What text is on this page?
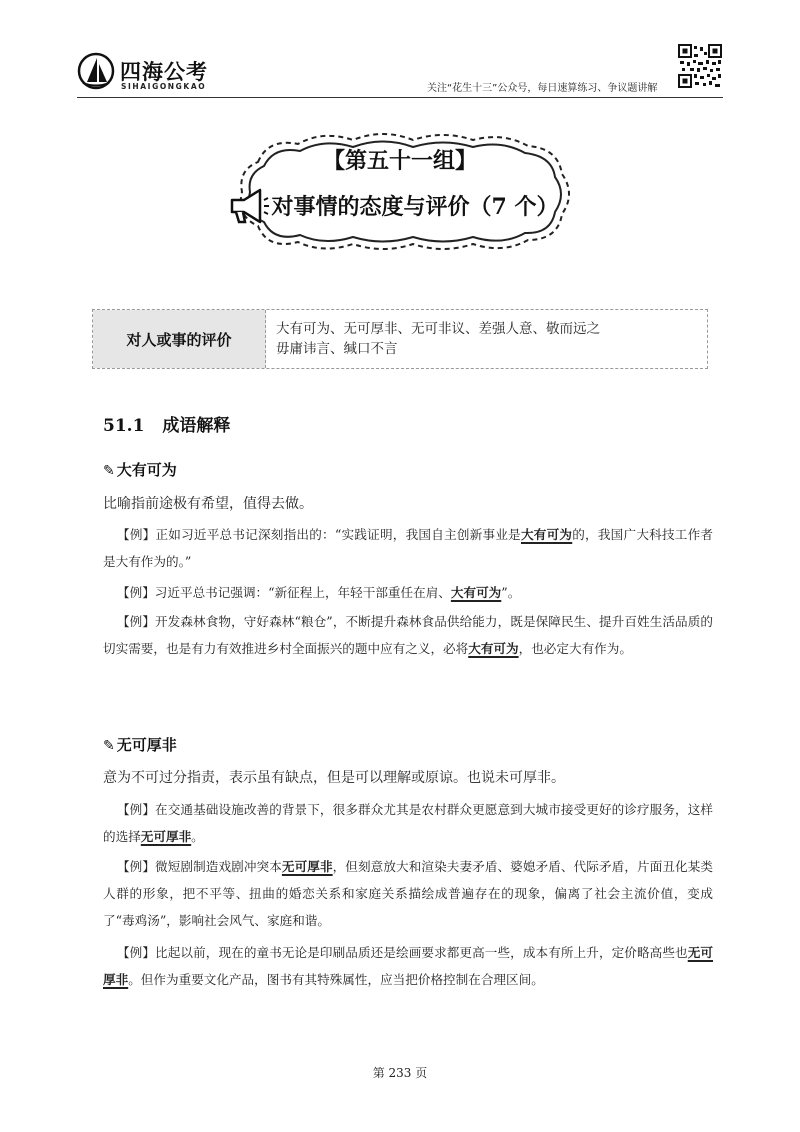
四海公考
SIHAIGONGKAO	关注“花生十三”公众号，每日速算练习、争议题讲解
【第五十一组】
对事情的态度与评价（7 个）
对人或事的评价
大有可为、无可厚非、无可非议、差强人意、敬而远之
毋庸讳言、缄口不言
51.1 成语解释
✎ 大有可为
比喻指前途极有希望，值得去做。
【例】正如习近平总书记深刻指出的：“实践证明，我国自主创新事业是大有可为的，我国广大科技工作者是大有作为的。”
【例】习近平总书记强调：“新征程上，年轻干部重任在肩、大有可为”。
【例】开发森林食物，守好森林“粮仓”，不断提升森林食品供给能力，既是保障民生、提升百姓生活品质的切实需要，也是有力有效推进乡村全面振兴的题中应有之义，必将大有可为，也必定大有作为。
✎ 无可厚非
意为不可过分指责，表示虽有缺点，但是可以理解或原谅。也说未可厚非。
【例】在交通基础设施改善的背景下，很多群众尤其是农村群众更愿意到大城市接受更好的诊疗服务，这样的选择无可厚非。
【例】微短剧制造戏剧冲突本无可厚非，但刻意放大和渲染夫妻矛盾、婆媳矛盾、代际矛盾，片面丑化某类人群的形象，把不平等、扭曲的婚恋关系和家庭关系描绘成普遍存在的现象，偏离了社会主流价值，变成了“毒鸡汤”，影响社会风气、家庭和谐。
【例】比起以前，现在的童书无论是印刷品质还是绘画要求都更高一些，成本有所上升，定价略高些也无可厚非。但作为重要文化产品，图书有其特殊属性，应当把价格控制在合理区间。
第 233 页
